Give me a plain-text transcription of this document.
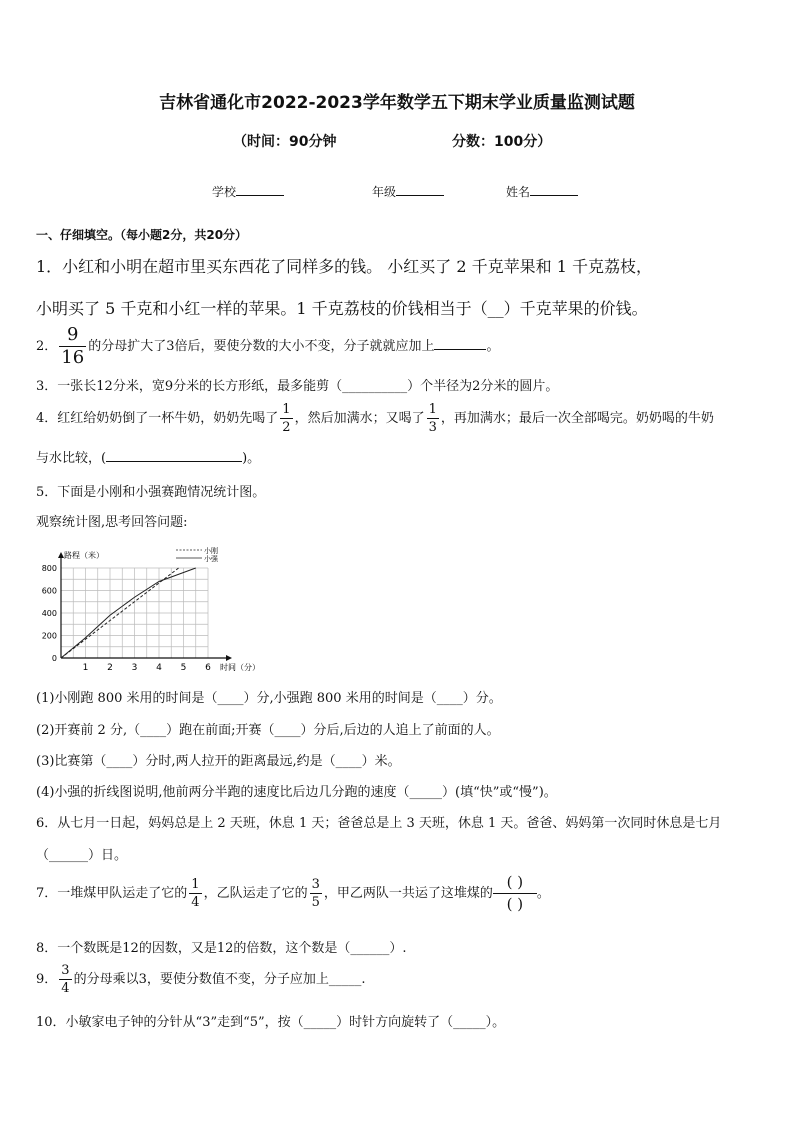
吉林省通化市2022-2023学年数学五下期末学业质量监测试题
（时间：90分钟	分数：100分）
学校	年级	姓名
一、仔细填空。（每小题2分，共20分）
1．小红和小明在超市里买东西花了同样多的钱。 小红买了 2 千克苹果和 1 千克荔枝，
小明买了 5 千克和小红一样的苹果。1 千克荔枝的价钱相当于（__）千克苹果的价钱。
2． $\frac{9}{16}$ 的分母扩大了3倍后，要使分数的大小不变，分子就就应加上	。
3．一张长12分米，宽9分米的长方形纸，最多能剪（__________）个半径为2分米的圆片。
4．红红给奶奶倒了一杯牛奶，奶奶先喝了 $\frac{1}{2}$ ，然后加满水；又喝了 $\frac{1}{3}$ ，再加满水；最后一次全部喝完。奶奶喝的牛奶
与水比较，(	)。
5．下面是小刚和小强赛跑情况统计图。
观察统计图,思考回答问题:
1 2 3 4 5 6
0
200
400
600
800
路程（米）
时间（分）
小刚
小强
(1)小刚跑 800 米用的时间是（____）分,小强跑 800 米用的时间是（____）分。
(2)开赛前 2 分,（____）跑在前面;开赛（____）分后,后边的人追上了前面的人。
(3)比赛第（____）分时,两人拉开的距离最远,约是（____）米。
(4)小强的折线图说明,他前两分半跑的速度比后边几分跑的速度（_____）(填“快”或“慢”)。
6．从七月一日起，妈妈总是上 2 天班，休息 1 天；爸爸总是上 3 天班，休息 1 天。爸爸、妈妈第一次同时休息是七月
（______）日。
7．一堆煤甲队运走了它的 $\frac{1}{4}$ ，乙队运走了它的 $\frac{3}{5}$ ，甲乙两队一共运了这堆煤的 $\frac{( )}{( )}$ 。
8．一个数既是12的因数，又是12的倍数，这个数是（______）.
9． $\frac{3}{4}$ 的分母乘以3，要使分数值不变，分子应加上_____.
10．小敏家电子钟的分针从“3”走到“5”，按（_____）时针方向旋转了（_____）。
